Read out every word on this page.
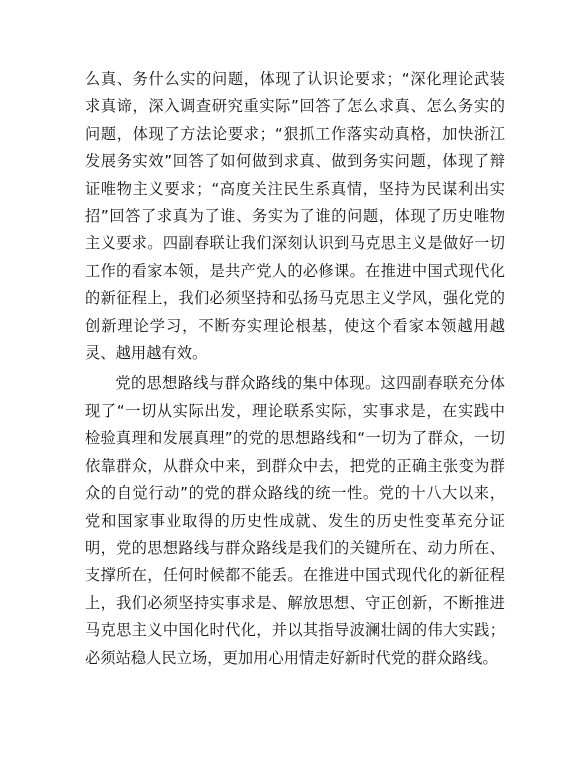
么真、务什么实的问题，体现了认识论要求；“深化理论武装求真谛，深入调查研究重实际”回答了怎么求真、怎么务实的问题，体现了方法论要求；“狠抓工作落实动真格，加快浙江发展务实效”回答了如何做到求真、做到务实问题，体现了辩证唯物主义要求；“高度关注民生系真情，坚持为民谋利出实招”回答了求真为了谁、务实为了谁的问题，体现了历史唯物主义要求。四副春联让我们深刻认识到马克思主义是做好一切工作的看家本领，是共产党人的必修课。在推进中国式现代化的新征程上，我们必须坚持和弘扬马克思主义学风，强化党的创新理论学习，不断夯实理论根基，使这个看家本领越用越灵、越用越有效。

党的思想路线与群众路线的集中体现。这四副春联充分体现了“一切从实际出发，理论联系实际，实事求是，在实践中检验真理和发展真理”的党的思想路线和“一切为了群众，一切依靠群众，从群众中来，到群众中去，把党的正确主张变为群众的自觉行动”的党的群众路线的统一性。党的十八大以来，党和国家事业取得的历史性成就、发生的历史性变革充分证明，党的思想路线与群众路线是我们的关键所在、动力所在、支撑所在，任何时候都不能丢。在推进中国式现代化的新征程上，我们必须坚持实事求是、解放思想、守正创新，不断推进马克思主义中国化时代化，并以其指导波澜壮阔的伟大实践；必须站稳人民立场，更加用心用情走好新时代党的群众路线。
